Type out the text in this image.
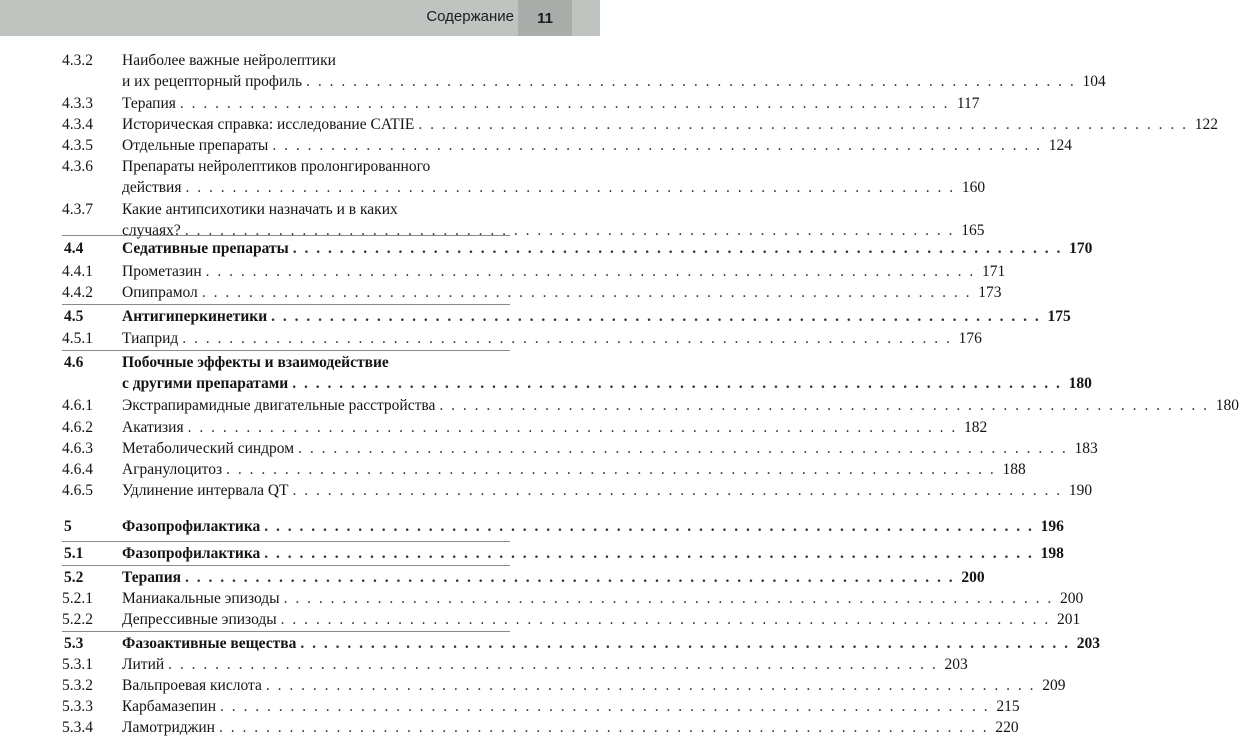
Содержание	11
4.3.2 Наиболее важные нейролептики
и их рецепторный профиль . . . . . . . . . . . . . . . . . . . . . . . . . . . . . . . . . . . . . . . . . . . . . . . . . . . . . . . . . . . . . . . . . . 104
4.3.3 Терапия . . . . . . . . . . . . . . . . . . . . . . . . . . . . . . . . . . . . . . . . . . . . . . . . . . . . . . . . . . . . . . . . . . 117
4.3.4 Историческая справка: исследование CATIE . . . . . . . . . . . . . . . . . . . . . . . . . . . . . . . . . . . . . . . . . . . . . . . . . . . . . . . . . . . . . . . . . . 122
4.3.5 Отдельные препараты . . . . . . . . . . . . . . . . . . . . . . . . . . . . . . . . . . . . . . . . . . . . . . . . . . . . . . . . . . . . . . . . . . 124
4.3.6 Препараты нейролептиков пролонгированного
действия . . . . . . . . . . . . . . . . . . . . . . . . . . . . . . . . . . . . . . . . . . . . . . . . . . . . . . . . . . . . . . . . . . 160
4.3.7 Какие антипсихотики назначать и в каких
случаях? . . . . . . . . . . . . . . . . . . . . . . . . . . . . . . . . . . . . . . . . . . . . . . . . . . . . . . . . . . . . . . . . . . 165
4.4 Седативные препараты . . . . . . . . . . . . . . . . . . . . . . . . . . . . . . . . . . . . . . . . . . . . . . . . . . . . . . . . . . . . . . . . . . 170
4.4.1 Прометазин . . . . . . . . . . . . . . . . . . . . . . . . . . . . . . . . . . . . . . . . . . . . . . . . . . . . . . . . . . . . . . . . . . 171
4.4.2 Опипрамол . . . . . . . . . . . . . . . . . . . . . . . . . . . . . . . . . . . . . . . . . . . . . . . . . . . . . . . . . . . . . . . . . . 173
4.5 Антигиперкинетики . . . . . . . . . . . . . . . . . . . . . . . . . . . . . . . . . . . . . . . . . . . . . . . . . . . . . . . . . . . . . . . . . . 175
4.5.1 Тиаприд . . . . . . . . . . . . . . . . . . . . . . . . . . . . . . . . . . . . . . . . . . . . . . . . . . . . . . . . . . . . . . . . . . 176
4.6 Побочные эффекты и взаимодействие
с другими препаратами . . . . . . . . . . . . . . . . . . . . . . . . . . . . . . . . . . . . . . . . . . . . . . . . . . . . . . . . . . . . . . . . . . 180
4.6.1 Экстрапирамидные двигательные расстройства . . . . . . . . . . . . . . . . . . . . . . . . . . . . . . . . . . . . . . . . . . . . . . . . . . . . . . . . . . . . . . . . . . 180
4.6.2 Акатизия . . . . . . . . . . . . . . . . . . . . . . . . . . . . . . . . . . . . . . . . . . . . . . . . . . . . . . . . . . . . . . . . . . 182
4.6.3 Метаболический синдром . . . . . . . . . . . . . . . . . . . . . . . . . . . . . . . . . . . . . . . . . . . . . . . . . . . . . . . . . . . . . . . . . . 183
4.6.4 Агранулоцитоз . . . . . . . . . . . . . . . . . . . . . . . . . . . . . . . . . . . . . . . . . . . . . . . . . . . . . . . . . . . . . . . . . . 188
4.6.5 Удлинение интервала QT . . . . . . . . . . . . . . . . . . . . . . . . . . . . . . . . . . . . . . . . . . . . . . . . . . . . . . . . . . . . . . . . . . 190
5	Фазопрофилактика . . . . . . . . . . . . . . . . . . . . . . . . . . . . . . . . . . . . . . . . . . . . . . . . . . . . . . . . . . . . . . . . . . 196
5.1 Фазопрофилактика . . . . . . . . . . . . . . . . . . . . . . . . . . . . . . . . . . . . . . . . . . . . . . . . . . . . . . . . . . . . . . . . . . 198
5.2 Терапия . . . . . . . . . . . . . . . . . . . . . . . . . . . . . . . . . . . . . . . . . . . . . . . . . . . . . . . . . . . . . . . . . . 200
5.2.1 Маниакальные эпизоды . . . . . . . . . . . . . . . . . . . . . . . . . . . . . . . . . . . . . . . . . . . . . . . . . . . . . . . . . . . . . . . . . . 200
5.2.2 Депрессивные эпизоды . . . . . . . . . . . . . . . . . . . . . . . . . . . . . . . . . . . . . . . . . . . . . . . . . . . . . . . . . . . . . . . . . . 201
5.3 Фазоактивные вещества . . . . . . . . . . . . . . . . . . . . . . . . . . . . . . . . . . . . . . . . . . . . . . . . . . . . . . . . . . . . . . . . . . 203
5.3.1 Литий . . . . . . . . . . . . . . . . . . . . . . . . . . . . . . . . . . . . . . . . . . . . . . . . . . . . . . . . . . . . . . . . . . 203
5.3.2 Вальпроевая кислота . . . . . . . . . . . . . . . . . . . . . . . . . . . . . . . . . . . . . . . . . . . . . . . . . . . . . . . . . . . . . . . . . . 209
5.3.3 Карбамазепин . . . . . . . . . . . . . . . . . . . . . . . . . . . . . . . . . . . . . . . . . . . . . . . . . . . . . . . . . . . . . . . . . . 215
5.3.4 Ламотриджин . . . . . . . . . . . . . . . . . . . . . . . . . . . . . . . . . . . . . . . . . . . . . . . . . . . . . . . . . . . . . . . . . . 220
